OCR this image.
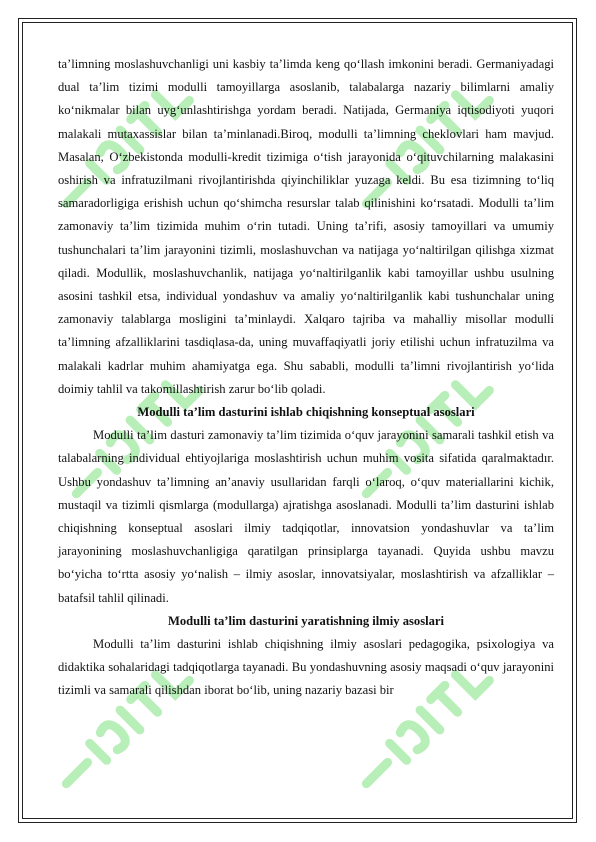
ta’limning moslashuvchanligi uni kasbiy ta’limda keng qo‘llash imkonini beradi. Germaniyadagi dual ta’lim tizimi modulli tamoyillarga asoslanib, talabalarga nazariy bilimlarni amaliy ko‘nikmalar bilan uyg‘unlashtirishga yordam beradi. Natijada, Germaniya iqtisodiyoti yuqori malakali mutaxassislar bilan ta’minlanadi.Biroq, modulli ta’limning cheklovlari ham mavjud. Masalan, O‘zbekistonda modulli-kredit tizimiga o‘tish jarayonida o‘qituvchilarning malakasini oshirish va infratuzilmani rivojlantirishda qiyinchiliklar yuzaga keldi. Bu esa tizimning to‘liq samaradorligiga erishish uchun qo‘shimcha resurslar talab qilinishini ko‘rsatadi. Modulli ta’lim zamonaviy ta’lim tizimida muhim o‘rin tutadi. Uning ta’rifi, asosiy tamoyillari va umumiy tushunchalari ta’lim jarayonini tizimli, moslashuvchan va natijaga yo‘naltirilgan qilishga xizmat qiladi. Modullik, moslashuvchanlik, natijaga yo‘naltirilganlik kabi tamoyillar ushbu usulning asosini tashkil etsa, individual yondashuv va amaliy yo‘naltirilganlik kabi tushunchalar uning zamonaviy talablarga mosligini ta’minlaydi. Xalqaro tajriba va mahalliy misollar modulli ta’limning afzalliklarini tasdiqlasa-da, uning muvaffaqiyatli joriy etilishi uchun infratuzilma va malakali kadrlar muhim ahamiyatga ega. Shu sababli, modulli ta’limni rivojlantirish yo‘lida doimiy tahlil va takomillashtirish zarur bo‘lib qoladi.

Modulli ta’lim dasturini ishlab chiqishning konseptual asoslari

Modulli ta’lim dasturi zamonaviy ta’lim tizimida o‘quv jarayonini samarali tashkil etish va talabalarning individual ehtiyojlariga moslashtirish uchun muhim vosita sifatida qaralmaktadır. Ushbu yondashuv ta’limning an’anaviy usullaridan farqli o‘laroq, o‘quv materiallarini kichik, mustaqil va tizimli qismlarga (modullarga) ajratishga asoslanadi. Modulli ta’lim dasturini ishlab chiqishning konseptual asoslari ilmiy tadqiqotlar, innovatsion yondashuvlar va ta’lim jarayonining moslashuvchanligiga qaratilgan prinsiplarga tayanadi. Quyida ushbu mavzu bo‘yicha to‘rtta asosiy yo‘nalish – ilmiy asoslar, innovatsiyalar, moslashtirish va afzalliklar – batafsil tahlil qilinadi.

Modulli ta’lim dasturini yaratishning ilmiy asoslari

Modulli ta’lim dasturini ishlab chiqishning ilmiy asoslari pedagogika, psixologiya va didaktika sohalaridagi tadqiqotlarga tayanadi. Bu yondashuvning asosiy maqsadi o‘quv jarayonini tizimli va samarali qilishdan iborat bo‘lib, uning nazariy bazasi bir
